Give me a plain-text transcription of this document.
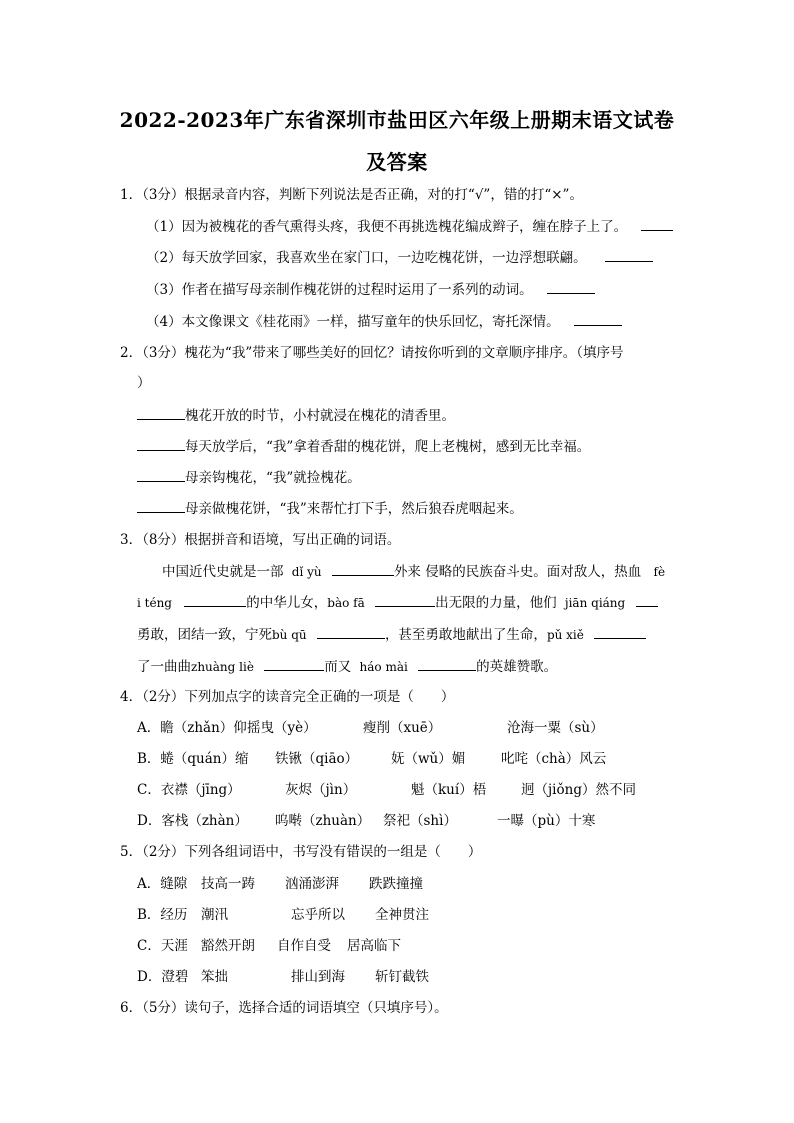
2022-2023年广东省深圳市盐田区六年级上册期末语文试卷
及答案
1．（3分）根据录音内容，判断下列说法是否正确，对的打“√”，错的打“×”。
（1）因为被槐花的香气熏得头疼，我便不再挑选槐花编成辫子，缠在脖子上了。
（2）每天放学回家，我喜欢坐在家门口，一边吃槐花饼，一边浮想联翩。
（3）作者在描写母亲制作槐花饼的过程时运用了一系列的动词。
（4）本文像课文《桂花雨》一样，描写童年的快乐回忆，寄托深情。
2．（3分）槐花为“我”带来了哪些美好的回忆？请按你听到的文章顺序排序。（填序号
）
槐花开放的时节，小村就浸在槐花的清香里。
每天放学后，“我”拿着香甜的槐花饼，爬上老槐树，感到无比幸福。
母亲钩槐花，“我”就捡槐花。
母亲做槐花饼，“我”来帮忙打下手，然后狼吞虎咽起来。
3．（8分）根据拼音和语境，写出正确的词语。
中国近代史就是一部 dǐ yù	外来 侵略的民族奋斗史。面对敌人，热血 fè
i téng	的中华儿女，bào fā	出无限的力量，他们 jiān qiáng
勇敢，团结一致，宁死bù qū	，甚至勇敢地献出了生命，pǔ xiě
了一曲曲zhuàng liè	而又 háo mài	的英雄赞歌。
4．（2分）下列加点字的读音完全正确的一项是（　　）
A．瞻（zhǎn）仰 摇曳（yè）	瘦削（xuē）	沧海一粟（sù）
B．蜷（quán）缩 铁锹（qiāo） 妩（wǔ）媚	叱咤（chà）风云
C．衣襟（jīng）	灰烬（jìn）	魁（kuí）梧	迥（jiǒng）然不同
D．客栈（zhàn） 呜啭（zhuàn） 祭祀（shì）	一曝（pù）十寒
5．（2分）下列各组词语中，书写没有错误的一组是（　　）
A．缝隙 技高一踌 汹涌澎湃 跌跌撞撞
B．经历 潮汛	忘乎所以 全神贯注
C．天涯 豁然开朗 自作自受 居高临下
D．澄碧 笨拙	排山到海 斩钉截铁
6．（5分）读句子，选择合适的词语填空（只填序号）。
